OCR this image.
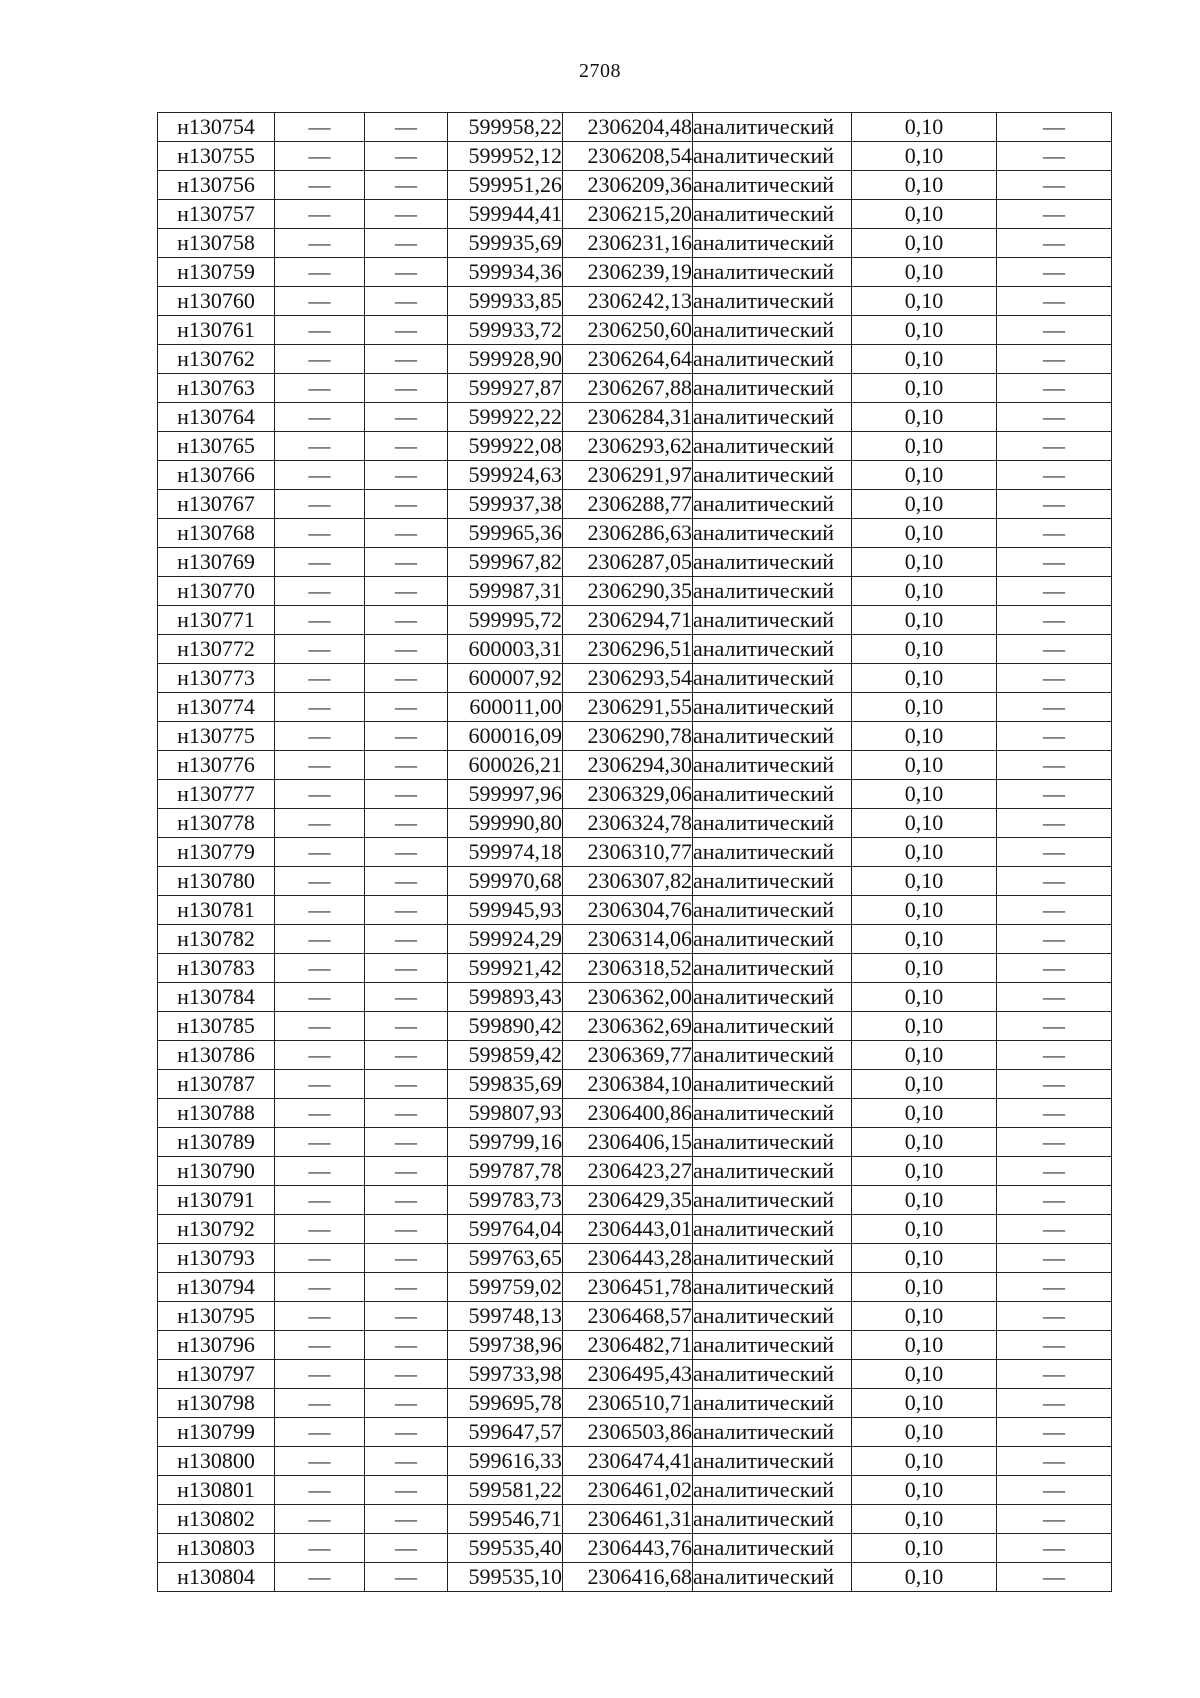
2708
н130754	—	—	599958,22	2306204,48	аналитический	0,10	—
н130755	—	—	599952,12	2306208,54	аналитический	0,10	—
н130756	—	—	599951,26	2306209,36	аналитический	0,10	—
н130757	—	—	599944,41	2306215,20	аналитический	0,10	—
н130758	—	—	599935,69	2306231,16	аналитический	0,10	—
н130759	—	—	599934,36	2306239,19	аналитический	0,10	—
н130760	—	—	599933,85	2306242,13	аналитический	0,10	—
н130761	—	—	599933,72	2306250,60	аналитический	0,10	—
н130762	—	—	599928,90	2306264,64	аналитический	0,10	—
н130763	—	—	599927,87	2306267,88	аналитический	0,10	—
н130764	—	—	599922,22	2306284,31	аналитический	0,10	—
н130765	—	—	599922,08	2306293,62	аналитический	0,10	—
н130766	—	—	599924,63	2306291,97	аналитический	0,10	—
н130767	—	—	599937,38	2306288,77	аналитический	0,10	—
н130768	—	—	599965,36	2306286,63	аналитический	0,10	—
н130769	—	—	599967,82	2306287,05	аналитический	0,10	—
н130770	—	—	599987,31	2306290,35	аналитический	0,10	—
н130771	—	—	599995,72	2306294,71	аналитический	0,10	—
н130772	—	—	600003,31	2306296,51	аналитический	0,10	—
н130773	—	—	600007,92	2306293,54	аналитический	0,10	—
н130774	—	—	600011,00	2306291,55	аналитический	0,10	—
н130775	—	—	600016,09	2306290,78	аналитический	0,10	—
н130776	—	—	600026,21	2306294,30	аналитический	0,10	—
н130777	—	—	599997,96	2306329,06	аналитический	0,10	—
н130778	—	—	599990,80	2306324,78	аналитический	0,10	—
н130779	—	—	599974,18	2306310,77	аналитический	0,10	—
н130780	—	—	599970,68	2306307,82	аналитический	0,10	—
н130781	—	—	599945,93	2306304,76	аналитический	0,10	—
н130782	—	—	599924,29	2306314,06	аналитический	0,10	—
н130783	—	—	599921,42	2306318,52	аналитический	0,10	—
н130784	—	—	599893,43	2306362,00	аналитический	0,10	—
н130785	—	—	599890,42	2306362,69	аналитический	0,10	—
н130786	—	—	599859,42	2306369,77	аналитический	0,10	—
н130787	—	—	599835,69	2306384,10	аналитический	0,10	—
н130788	—	—	599807,93	2306400,86	аналитический	0,10	—
н130789	—	—	599799,16	2306406,15	аналитический	0,10	—
н130790	—	—	599787,78	2306423,27	аналитический	0,10	—
н130791	—	—	599783,73	2306429,35	аналитический	0,10	—
н130792	—	—	599764,04	2306443,01	аналитический	0,10	—
н130793	—	—	599763,65	2306443,28	аналитический	0,10	—
н130794	—	—	599759,02	2306451,78	аналитический	0,10	—
н130795	—	—	599748,13	2306468,57	аналитический	0,10	—
н130796	—	—	599738,96	2306482,71	аналитический	0,10	—
н130797	—	—	599733,98	2306495,43	аналитический	0,10	—
н130798	—	—	599695,78	2306510,71	аналитический	0,10	—
н130799	—	—	599647,57	2306503,86	аналитический	0,10	—
н130800	—	—	599616,33	2306474,41	аналитический	0,10	—
н130801	—	—	599581,22	2306461,02	аналитический	0,10	—
н130802	—	—	599546,71	2306461,31	аналитический	0,10	—
н130803	—	—	599535,40	2306443,76	аналитический	0,10	—
н130804	—	—	599535,10	2306416,68	аналитический	0,10	—
